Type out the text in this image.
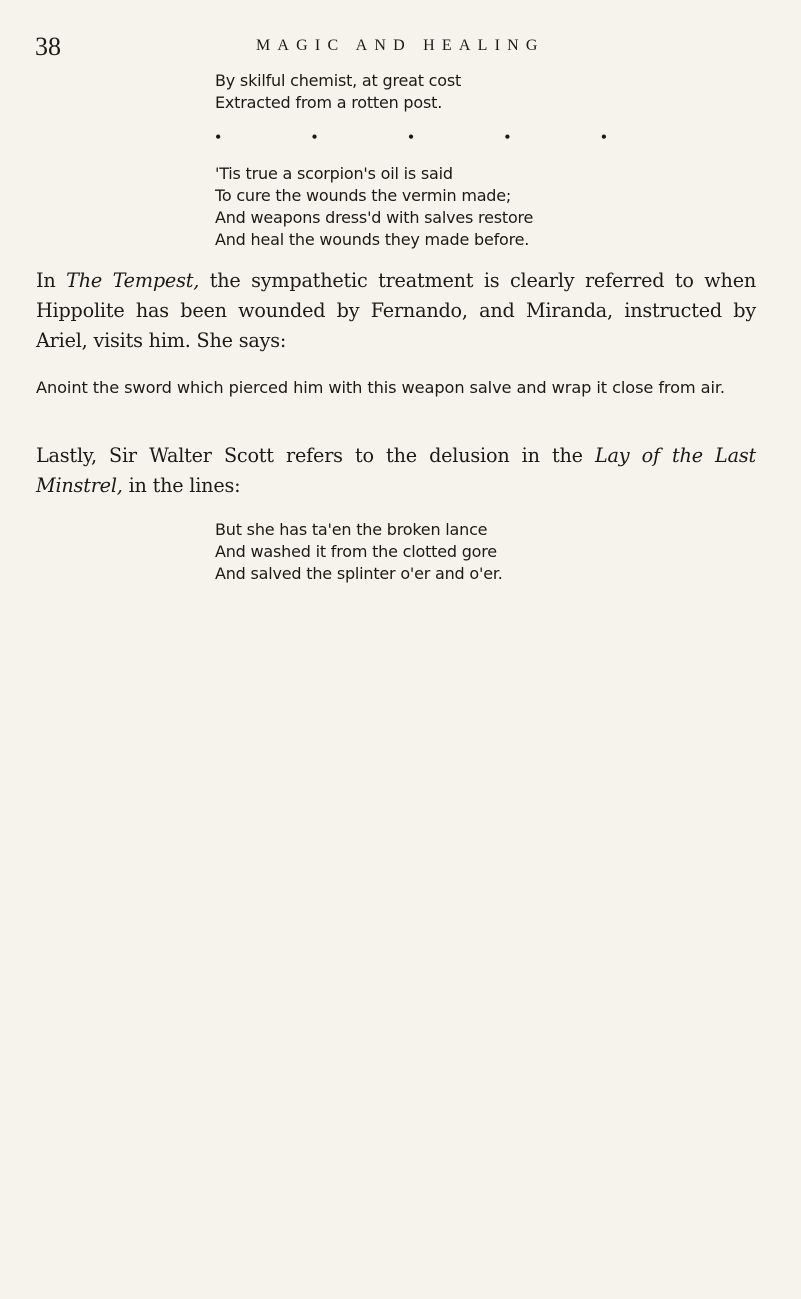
38	MAGIC AND HEALING
By skilful chemist, at great cost
Extracted from a rotten post.
•	•	•	•	•
'Tis true a scorpion's oil is said
To cure the wounds the vermin made;
And weapons dress'd with salves restore
And heal the wounds they made before.

In The Tempest, the sympathetic treatment is clearly referred to when Hippolite has been wounded by Fernando, and Miranda, instructed by Ariel, visits him. She says:

Anoint the sword which pierced him with this weapon salve and wrap it close from air.

Lastly, Sir Walter Scott refers to the delusion in the Lay of the Last Minstrel, in the lines:

But she has ta'en the broken lance
And washed it from the clotted gore
And salved the splinter o'er and o'er.
